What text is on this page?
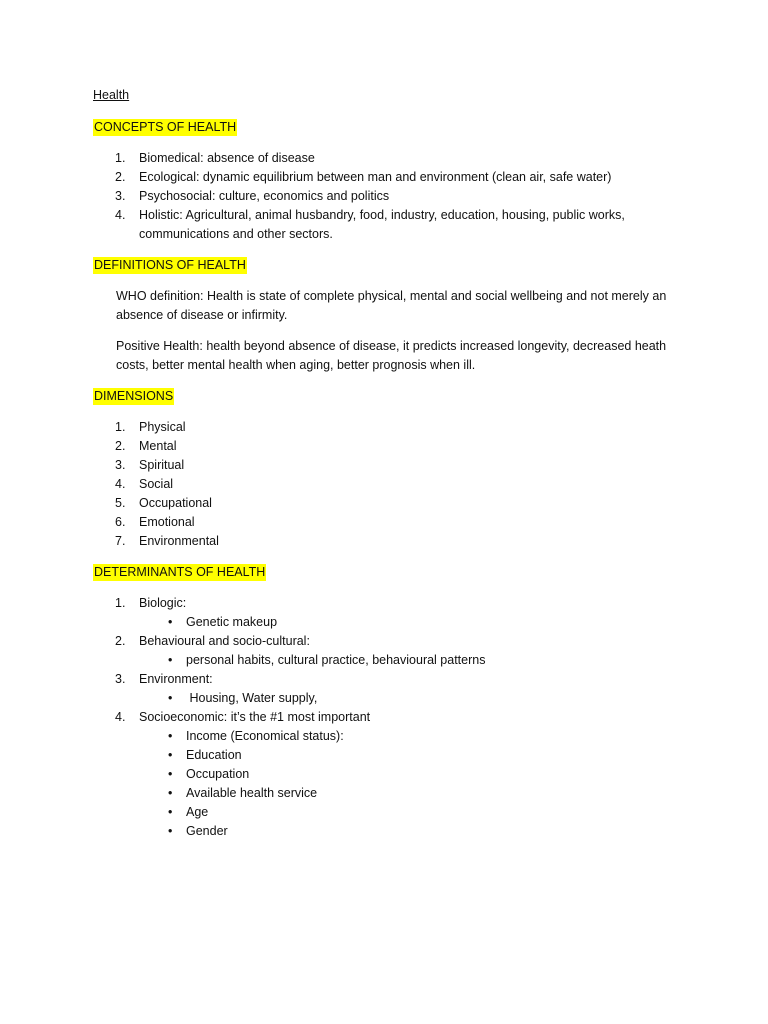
Health
CONCEPTS OF HEALTH
1. Biomedical: absence of disease
2. Ecological: dynamic equilibrium between man and environment (clean air, safe water)
3. Psychosocial: culture, economics and politics
4. Holistic: Agricultural, animal husbandry, food, industry, education, housing, public works, communications and other sectors.
DEFINITIONS OF HEALTH

WHO definition: Health is state of complete physical, mental and social wellbeing and not merely an absence of disease or infirmity.

Positive Health: health beyond absence of disease, it predicts increased longevity, decreased heath costs, better mental health when aging, better prognosis when ill.

DIMENSIONS
1. Physical
2. Mental
3. Spiritual
4. Social
5. Occupational
6. Emotional
7. Environmental
DETERMINANTS OF HEALTH
1. Biologic:
• Genetic makeup
2. Behavioural and socio-cultural:
• personal habits, cultural practice, behavioural patterns
3. Environment:
• Housing, Water supply,
4. Socioeconomic: it’s the #1 most important
• Income (Economical status):
• Education
• Occupation
• Available health service
• Age
• Gender
